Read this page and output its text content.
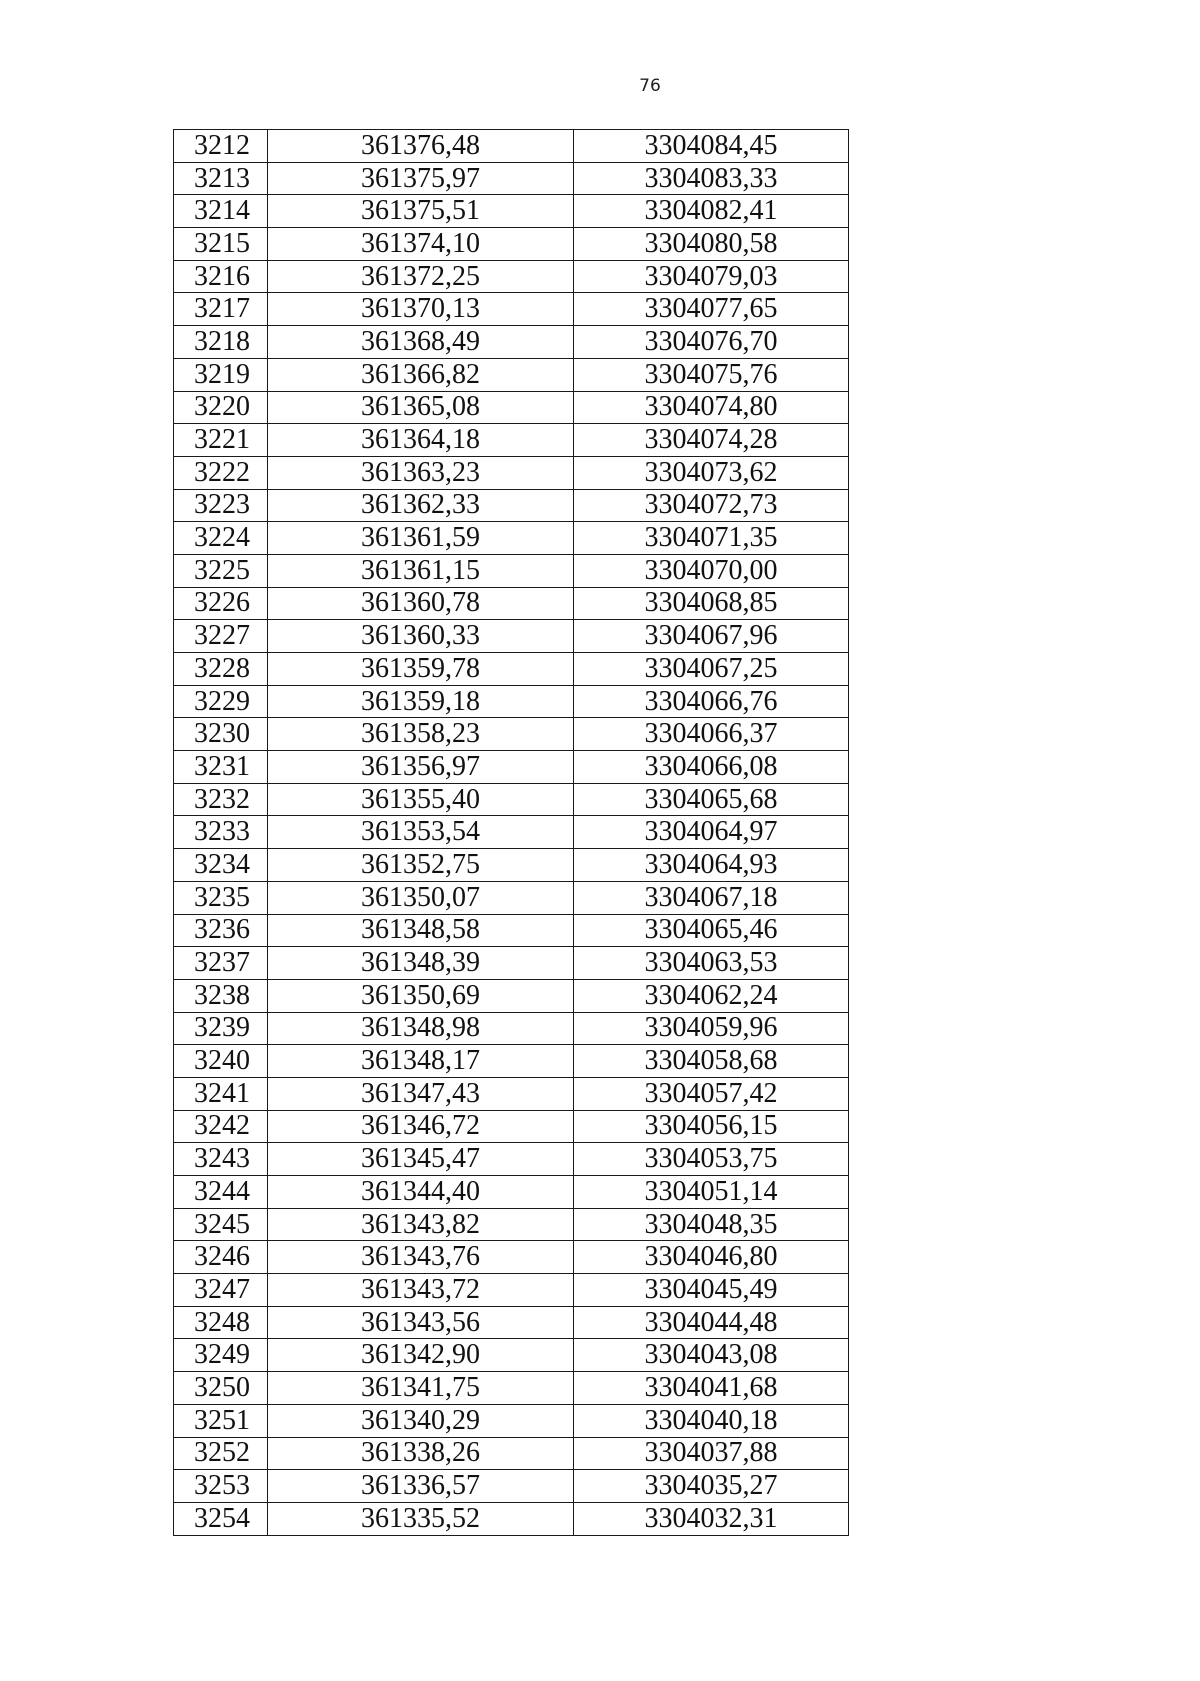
76
3212	361376,48	3304084,45
3213	361375,97	3304083,33
3214	361375,51	3304082,41
3215	361374,10	3304080,58
3216	361372,25	3304079,03
3217	361370,13	3304077,65
3218	361368,49	3304076,70
3219	361366,82	3304075,76
3220	361365,08	3304074,80
3221	361364,18	3304074,28
3222	361363,23	3304073,62
3223	361362,33	3304072,73
3224	361361,59	3304071,35
3225	361361,15	3304070,00
3226	361360,78	3304068,85
3227	361360,33	3304067,96
3228	361359,78	3304067,25
3229	361359,18	3304066,76
3230	361358,23	3304066,37
3231	361356,97	3304066,08
3232	361355,40	3304065,68
3233	361353,54	3304064,97
3234	361352,75	3304064,93
3235	361350,07	3304067,18
3236	361348,58	3304065,46
3237	361348,39	3304063,53
3238	361350,69	3304062,24
3239	361348,98	3304059,96
3240	361348,17	3304058,68
3241	361347,43	3304057,42
3242	361346,72	3304056,15
3243	361345,47	3304053,75
3244	361344,40	3304051,14
3245	361343,82	3304048,35
3246	361343,76	3304046,80
3247	361343,72	3304045,49
3248	361343,56	3304044,48
3249	361342,90	3304043,08
3250	361341,75	3304041,68
3251	361340,29	3304040,18
3252	361338,26	3304037,88
3253	361336,57	3304035,27
3254	361335,52	3304032,31
